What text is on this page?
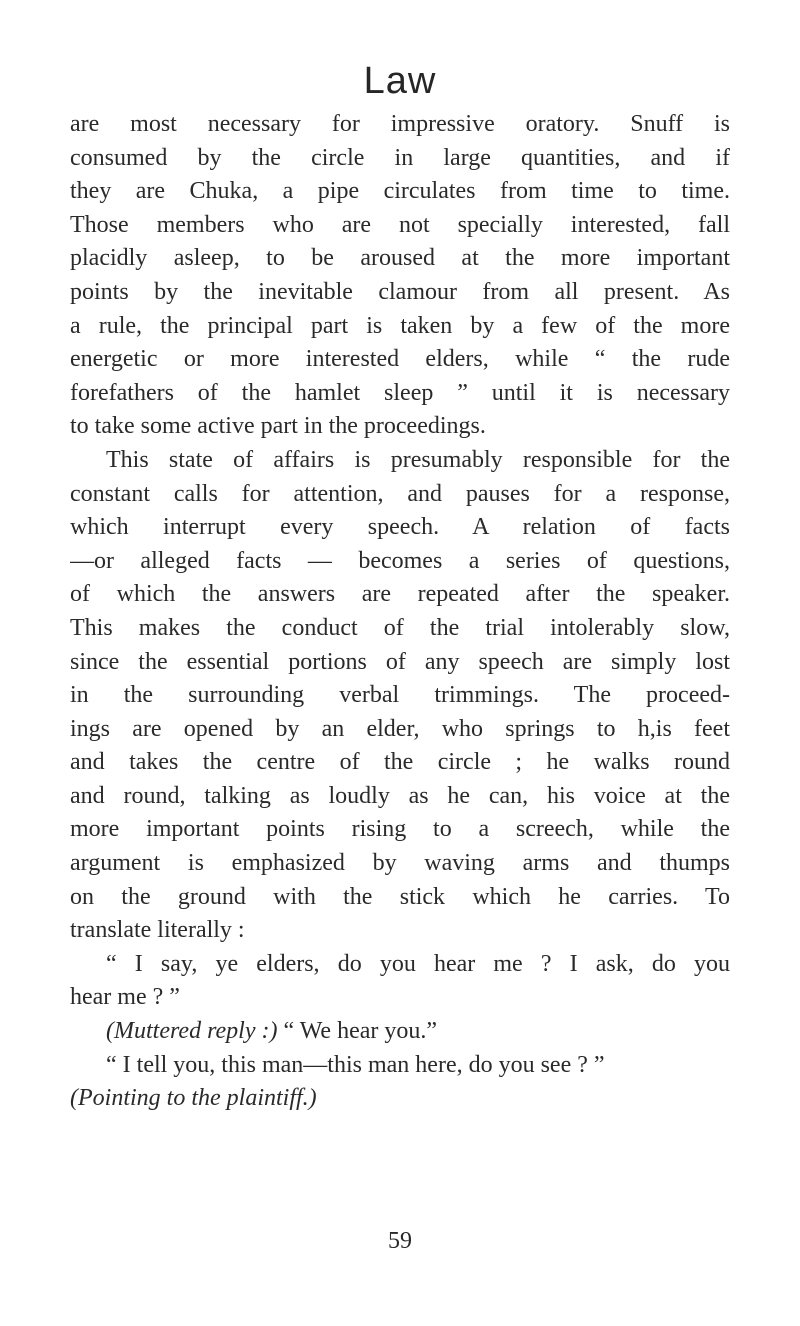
Law
are most necessary for impressive oratory. Snuff is
consumed by the circle in large quantities, and if
they are Chuka, a pipe circulates from time to time.
Those members who are not specially interested, fall
placidly asleep, to be aroused at the more important
points by the inevitable clamour from all present. As
a rule, the principal part is taken by a few of the more
energetic or more interested elders, while “ the rude
forefathers of the hamlet sleep ” until it is necessary
to take some active part in the proceedings.
This state of affairs is presumably responsible for the
constant calls for attention, and pauses for a response,
which interrupt every speech. A relation of facts
—or alleged facts — becomes a series of questions,
of which the answers are repeated after the speaker.
This makes the conduct of the trial intolerably slow,
since the essential portions of any speech are simply lost
in the surrounding verbal trimmings. The proceed-
ings are opened by an elder, who springs to h,is feet
and takes the centre of the circle ; he walks round
and round, talking as loudly as he can, his voice at the
more important points rising to a screech, while the
argument is emphasized by waving arms and thumps
on the ground with the stick which he carries. To
translate literally :
“ I say, ye elders, do you hear me ? I ask, do you
hear me ? ”
(Muttered reply :) “ We hear you.”
“ I tell you, this man—this man here, do you see ? ”
(Pointing to the plaintiff.)
59
